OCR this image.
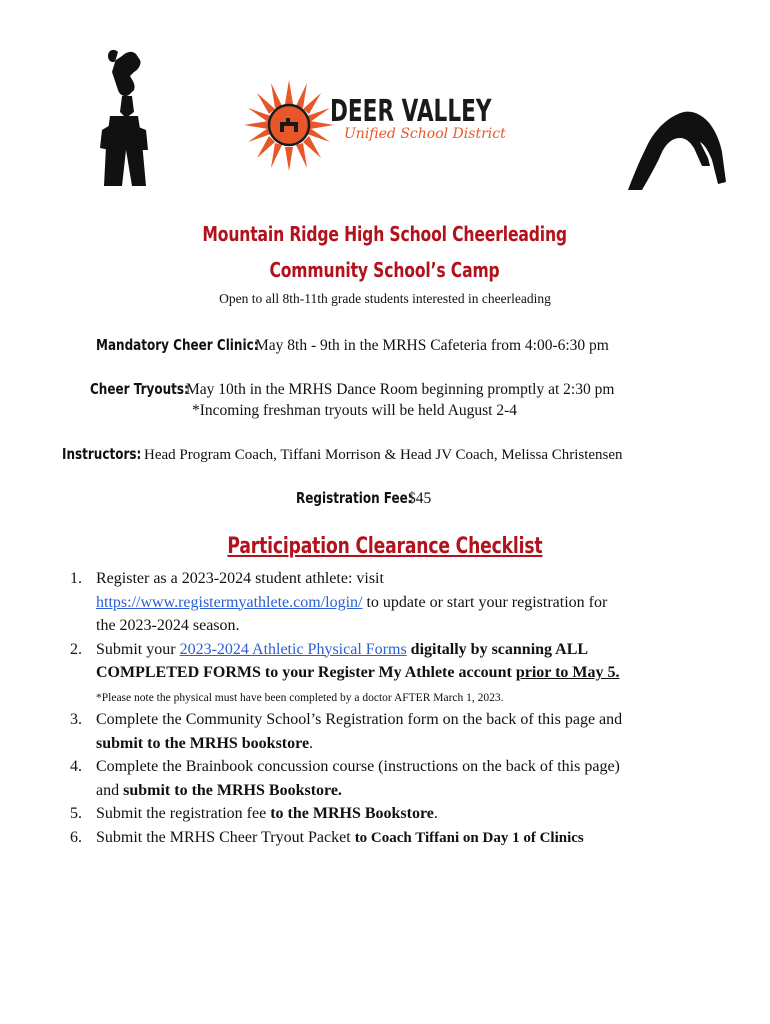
DEER VALLEY
Unified School District
Mountain Ridge High School Cheerleading
Community School’s Camp
Open to all 8th-11th grade students interested in cheerleading
Mandatory Cheer Clinic:May 8th - 9th in the MRHS Cafeteria from 4:00-6:30 pm
Cheer Tryouts:May 10th in the MRHS Dance Room beginning promptly at 2:30 pm
*Incoming freshman tryouts will be held August 2-4
Instructors: Head Program Coach, Tiffani Morrison & Head JV Coach, Melissa Christensen
Registration Fee:$45
Participation Clearance Checklist
1. Register as a 2023‐2024 student athlete: visit
https://www.registermyathlete.com/login/ to update or start your registration for
the 2023‐2024 season.
2. Submit your 2023-2024 Athletic Physical Forms digitally by scanning ALL
COMPLETED FORMS to your Register My Athlete account prior to May 5.
*Please note the physical must have been completed by a doctor AFTER March 1, 2023.
3. Complete the Community School’s Registration form on the back of this page and
submit to the MRHS bookstore.
4. Complete the Brainbook concussion course (instructions on the back of this page)
and submit to the MRHS Bookstore.
5. Submit the registration fee to the MRHS Bookstore.
6. Submit the MRHS Cheer Tryout Packet to Coach Tiffani on Day 1 of Clinics
